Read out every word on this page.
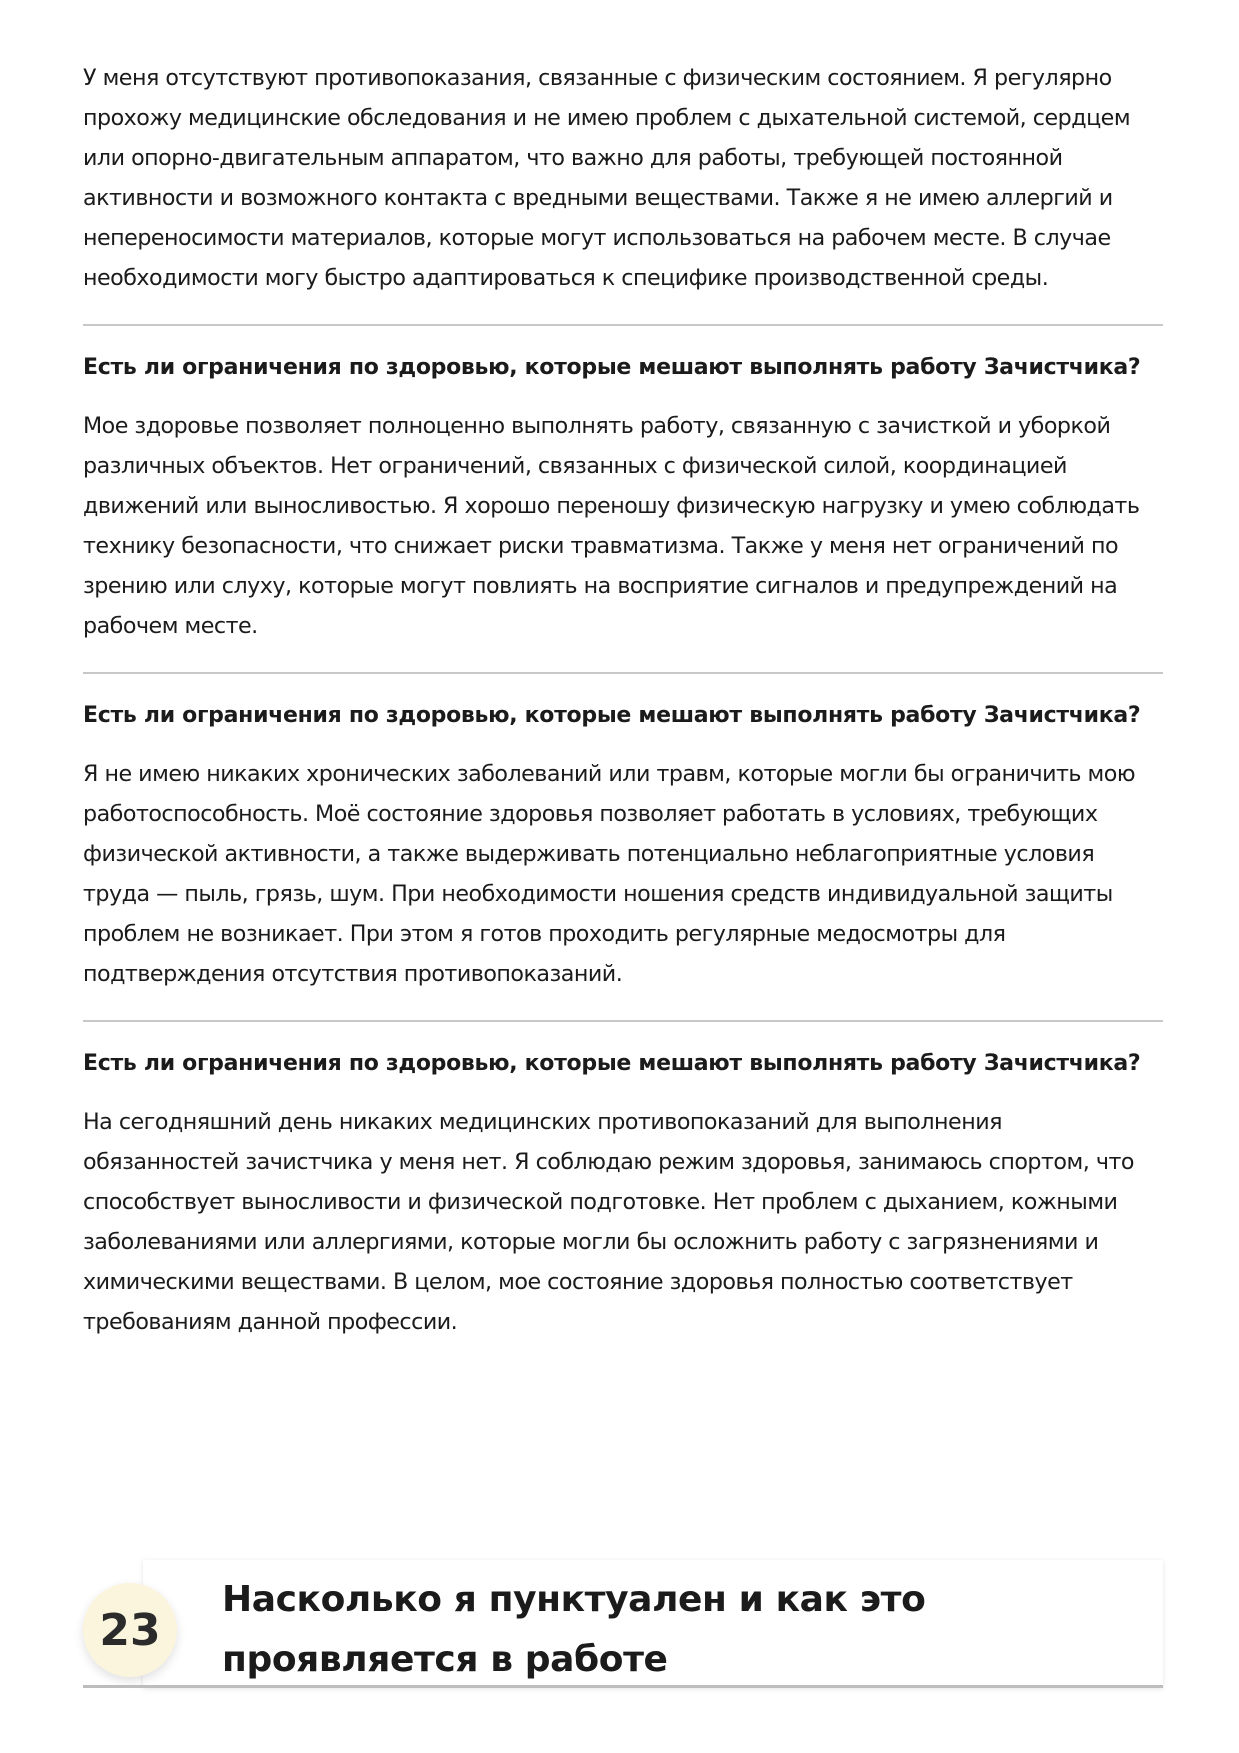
У меня отсутствуют противопоказания, связанные с физическим состоянием. Я регулярно прохожу медицинские обследования и не имею проблем с дыхательной системой, сердцем или опорно-двигательным аппаратом, что важно для работы, требующей постоянной активности и возможного контакта с вредными веществами. Также я не имею аллергий и непереносимости материалов, которые могут использоваться на рабочем месте. В случае необходимости могу быстро адаптироваться к специфике производственной среды.

Есть ли ограничения по здоровью, которые мешают выполнять работу Зачистчика?

Мое здоровье позволяет полноценно выполнять работу, связанную с зачисткой и уборкой различных объектов. Нет ограничений, связанных с физической силой, координацией движений или выносливостью. Я хорошо переношу физическую нагрузку и умею соблюдать технику безопасности, что снижает риски травматизма. Также у меня нет ограничений по зрению или слуху, которые могут повлиять на восприятие сигналов и предупреждений на рабочем месте.

Есть ли ограничения по здоровью, которые мешают выполнять работу Зачистчика?

Я не имею никаких хронических заболеваний или травм, которые могли бы ограничить мою работоспособность. Моё состояние здоровья позволяет работать в условиях, требующих физической активности, а также выдерживать потенциально неблагоприятные условия труда — пыль, грязь, шум. При необходимости ношения средств индивидуальной защиты проблем не возникает. При этом я готов проходить регулярные медосмотры для подтверждения отсутствия противопоказаний.

Есть ли ограничения по здоровью, которые мешают выполнять работу Зачистчика?

На сегодняшний день никаких медицинских противопоказаний для выполнения обязанностей зачистчика у меня нет. Я соблюдаю режим здоровья, занимаюсь спортом, что способствует выносливости и физической подготовке. Нет проблем с дыханием, кожными заболеваниями или аллергиями, которые могли бы осложнить работу с загрязнениями и химическими веществами. В целом, мое состояние здоровья полностью соответствует требованиям данной профессии.

23
Насколько я пунктуален и как это проявляется в работе
